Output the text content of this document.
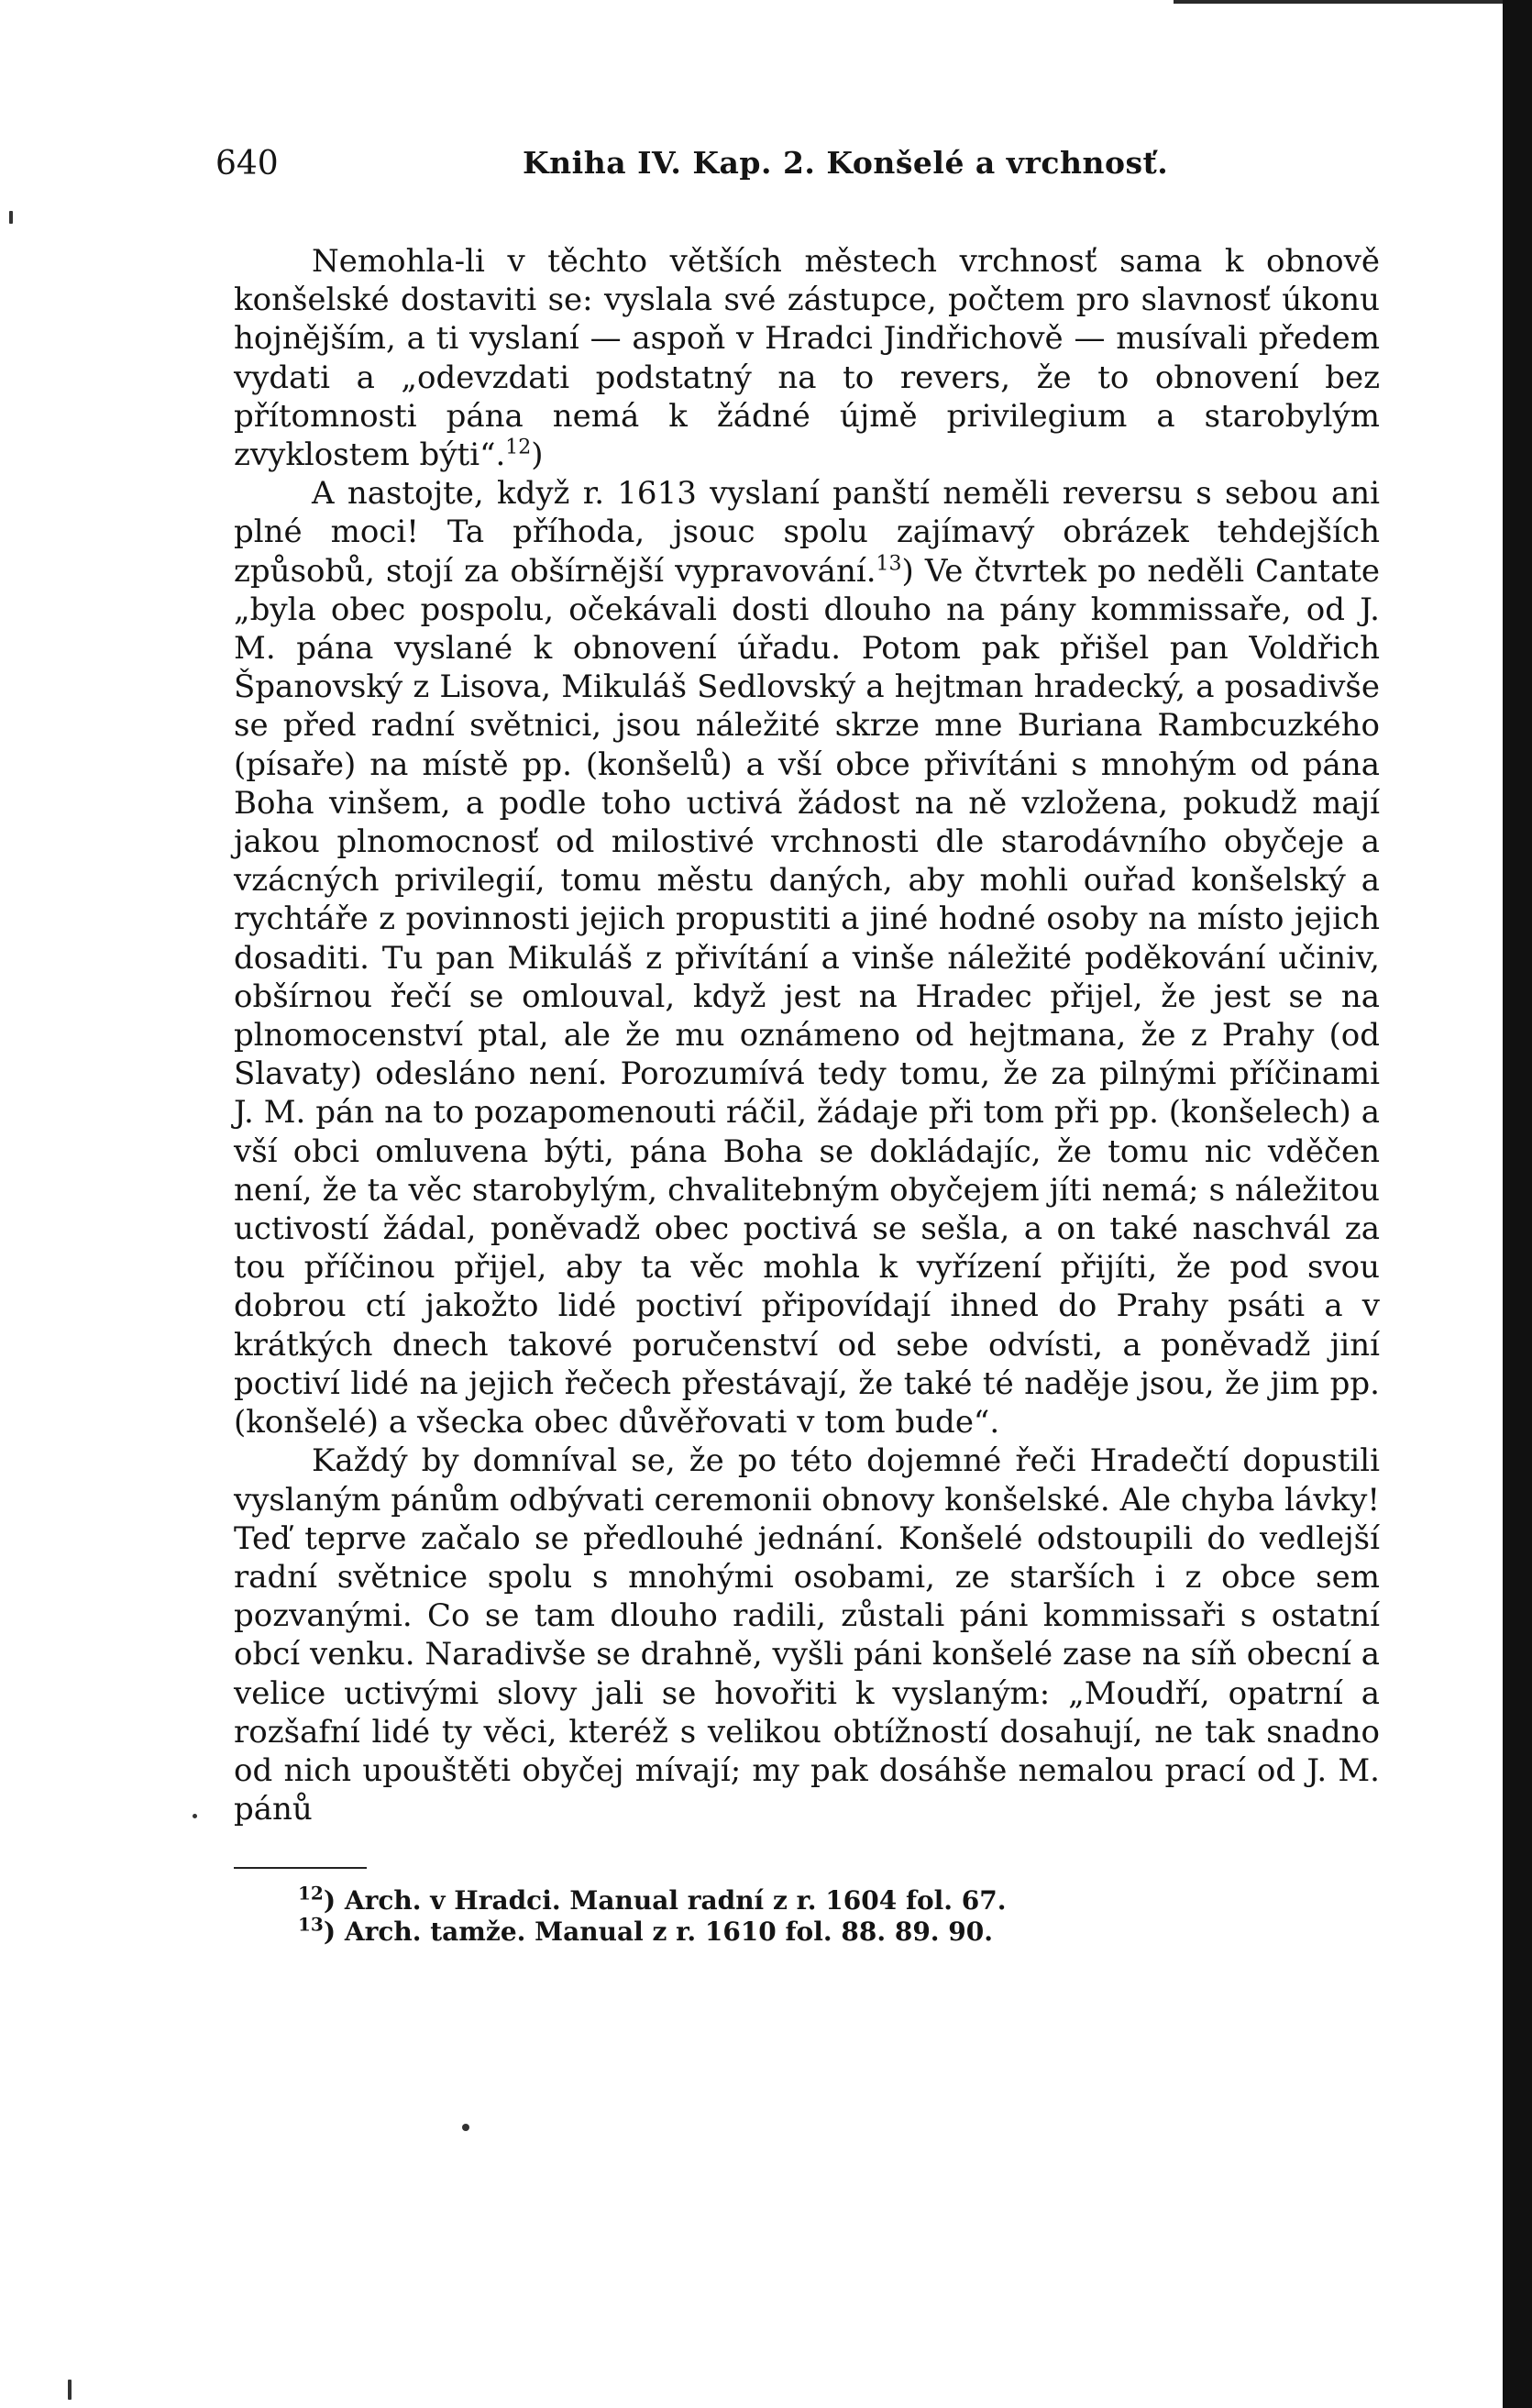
640	Kniha IV. Kap. 2. Konšelé a vrchnosť.

Nemohla-li v těchto větších městech vrchnosť sama k obnově konšelské dostaviti se: vyslala své zástupce, počtem pro slavnosť úkonu hojnějším, a ti vyslaní — aspoň v Hradci Jindřichově — musívali předem vydati a „odevzdati podstatný na to revers, že to obnovení bez přítomnosti pána nemá k žádné újmě privilegium a starobylým zvyklostem býti“.$^{12}$)

A nastojte, když r. 1613 vyslaní panští neměli reversu s sebou ani plné moci! Ta příhoda, jsouc spolu zajímavý obrázek tehdejších způsobů, stojí za obšírnější vypravování.$^{13}$) Ve čtvrtek po neděli Cantate „byla obec pospolu, očekávali dosti dlouho na pány kommissaře, od J. M. pána vyslané k obnovení úřadu. Potom pak přišel pan Voldřich Španovský z Lisova, Mikuláš Sedlovský a hejtman hradecký, a posadivše se před radní světnici, jsou náležité skrze mne Buriana Rambcuzkého (písaře) na místě pp. (konšelů) a vší obce přivítáni s mnohým od pána Boha vinšem, a podle toho uctivá žádost na ně vzložena, pokudž mají jakou plnomocnosť od milostivé vrchnosti dle starodávního obyčeje a vzácných privilegií, tomu městu daných, aby mohli ouřad konšelský a rychtáře z povinnosti jejich propustiti a jiné hodné osoby na místo jejich dosaditi. Tu pan Mikuláš z přivítání a vinše náležité poděkování učiniv, obšírnou řečí se omlouval, když jest na Hradec přijel, že jest se na plnomocenství ptal, ale že mu oznámeno od hejtmana, že z Prahy (od Slavaty) odesláno není. Porozumívá tedy tomu, že za pilnými příčinami J. M. pán na to pozapomenouti ráčil, žádaje při tom při pp. (konšelech) a vší obci omluvena býti, pána Boha se dokládajíc, že tomu nic vděčen není, že ta věc starobylým, chvalitebným obyčejem jíti nemá; s náležitou uctivostí žádal, poněvadž obec poctivá se sešla, a on také naschvál za tou příčinou přijel, aby ta věc mohla k vyřízení přijíti, že pod svou dobrou ctí jakožto lidé poctiví připovídají ihned do Prahy psáti a v krátkých dnech takové poručenství od sebe odvísti, a poněvadž jiní poctiví lidé na jejich řečech přestávají, že také té naděje jsou, že jim pp. (konšelé) a všecka obec důvěřovati v tom bude“.

Každý by domníval se, že po této dojemné řeči Hradečtí dopustili vyslaným pánům odbývati ceremonii obnovy konšelské. Ale chyba lávky! Teď teprve začalo se předlouhé jednání. Konšelé odstoupili do vedlejší radní světnice spolu s mnohými osobami, ze starších i z obce sem pozvanými. Co se tam dlouho radili, zůstali páni kommissaři s ostatní obcí venku. Naradivše se drahně, vyšli páni konšelé zase na síň obecní a velice uctivými slovy jali se hovořiti k vyslaným: „Moudří, opatrní a rozšafní lidé ty věci, kteréž s velikou obtížností dosahují, ne tak snadno od nich upouštěti obyčej mívají; my pak dosáhše nemalou prací od J. M. pánů

$^{12}$) Arch. v Hradci. Manual radní z r. 1604 fol. 67.

$^{13}$) Arch. tamže. Manual z r. 1610 fol. 88. 89. 90.
